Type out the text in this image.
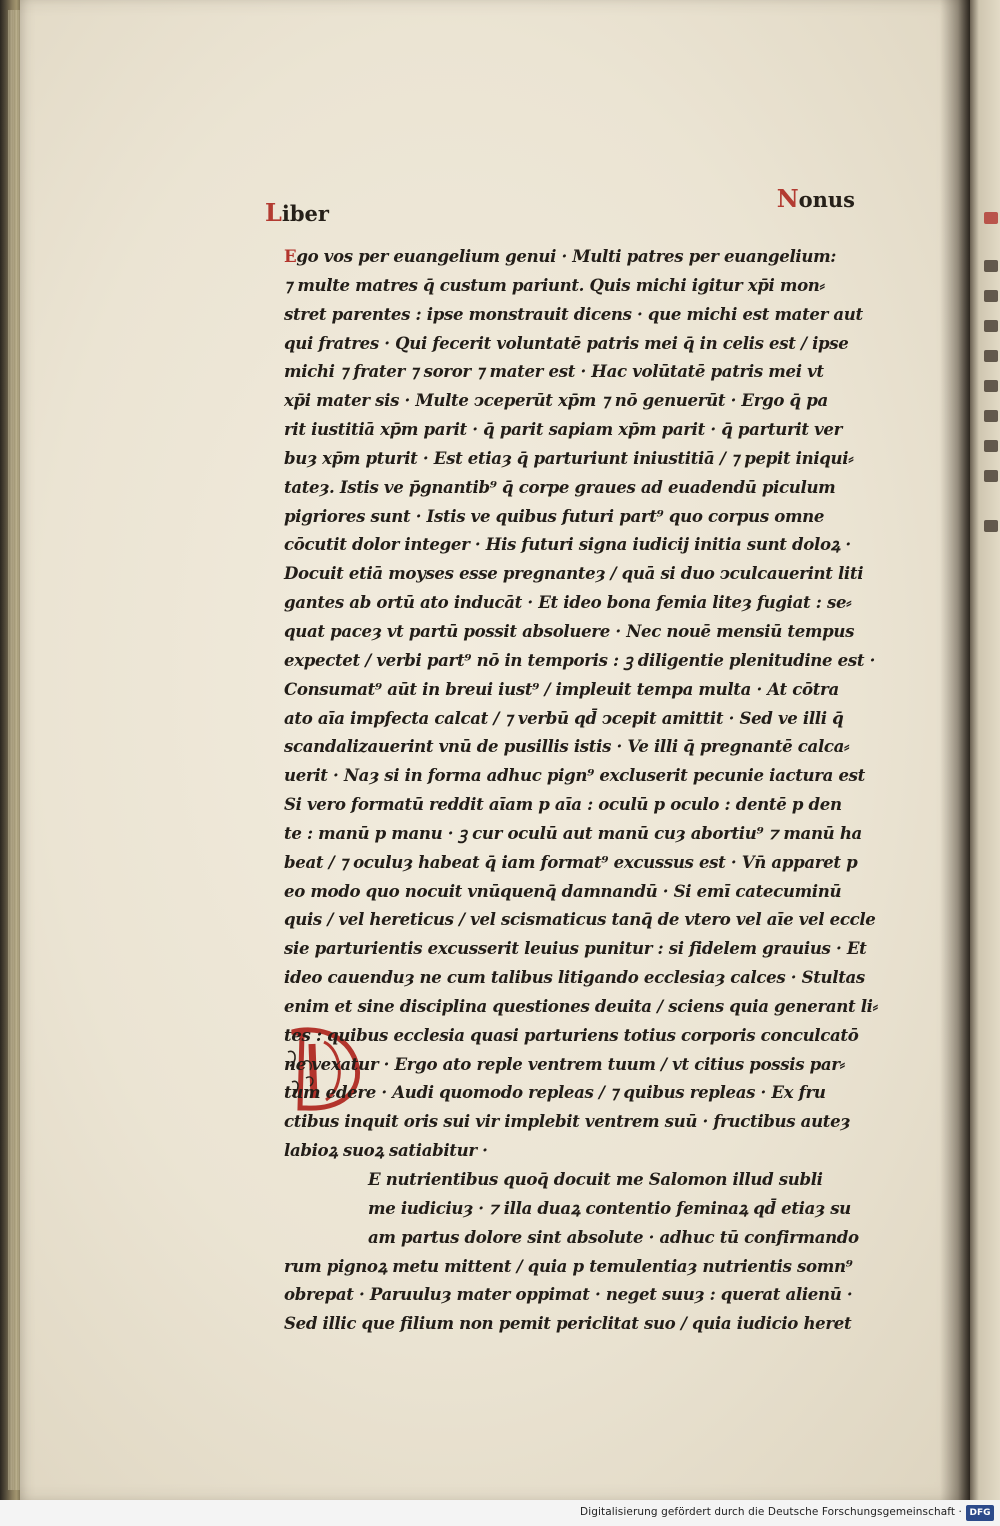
Liber
Nonus
Ego vos per euangelium genui · Multi patres per euangelium:
⁊ multe matres q̄ custum pariunt. Quis michi igitur xp̄i mon⸗
stret parentes : ipse monstrauit dicens · que michi est mater aut
qui fratres · Qui fecerit voluntatē patris mei q̄ in celis est / ipse
michi ⁊ frater ⁊ soror ⁊ mater est · Hac volūtatē patris mei vt
xp̄i mater sis · Multe ↄceperūt xp̄m ⁊ nō genuerūt · Ergo q̄ pa
rit iustitiā xp̄m parit · q̄ parit sapiam xp̄m parit · q̄ parturit ver
buȝ xp̄m pturit · Est etiaȝ q̄ parturiunt iniustitiā / ⁊ pepit iniqui⸗
tateȝ. Istis ve p̄gnantib⁹ q̄ corpe graues ad euadendū piculum
pigriores sunt · Istis ve quibus futuri part⁹ quo corpus omne
cōcutit dolor integer · His futuri signa iudicij initia sunt doloꝝ ·
Docuit etiā moyses esse pregnanteȝ / quā si duo ↄculcauerint liti
gantes ab ortū ato inducāt · Et ideo bona femia liteȝ fugiat : se⸗
quat paceȝ vt partū possit absoluere · Nec nouē mensiū tempus
expectet / verbi part⁹ nō in temporis : ꝫ diligentie plenitudine est ·
Consumat⁹ aūt in breui iust⁹ / impleuit tempa multa · At cōtra
ato aīa impfecta calcat / ⁊ verbū qd̄ ↄcepit amittit · Sed ve illi q̄
scandalizauerint vnū de pusillis istis · Ve illi q̄ pregnantē calca⸗
uerit · Naȝ si in forma adhuc pign⁹ excluserit pecunie iactura est
Si vero formatū reddit aīam p aīa : oculū p oculo : dentē p den
te : manū p manu · ꝫ cur oculū aut manū cuȝ abortiu⁹ ⁊ manū ha
beat / ⁊ oculuȝ habeat q̄ iam format⁹ excussus est · Vn̄ apparet p
eo modo quo nocuit vnūquenq̄ damnandū · Si emī catecuminū
quis / vel hereticus / vel scismaticus tanq̄ de vtero vel aīe vel eccle
sie parturientis excusserit leuius punitur : si fidelem grauius · Et
ideo cauenduȝ ne cum talibus litigando ecclesiaȝ calces · Stultas
enim et sine disciplina questiones deuita / sciens quia generant li⸗
tes : quibus ecclesia quasi parturiens totius corporis conculcatō
ne vexatur · Ergo ato reple ventrem tuum / vt citius possis par⸗
tum edere · Audi quomodo repleas / ⁊ quibus repleas · Ex fru
ctibus inquit oris sui vir implebit ventrem suū · fructibus auteȝ
labioꝝ suoꝝ satiabitur ·
E nutrientibus quoq̄ docuit me Salomon illud subli
me iudiciuȝ · ⁊ illa duaꝝ contentio feminaꝝ qd̄ etiaȝ su
am partus dolore sint absolute · adhuc tū confirmando
rum pignoꝝ metu mittent / quia p temulentiaȝ nutrientis somn⁹
obrepat · Paruuluȝ mater oppimat · neget suuȝ : querat alienū ·
Sed illic que filium non pemit periclitat suo / quia iudicio heret
Digitalisierung gefördert durch die Deutsche Forschungsgemeinschaft · DFG
